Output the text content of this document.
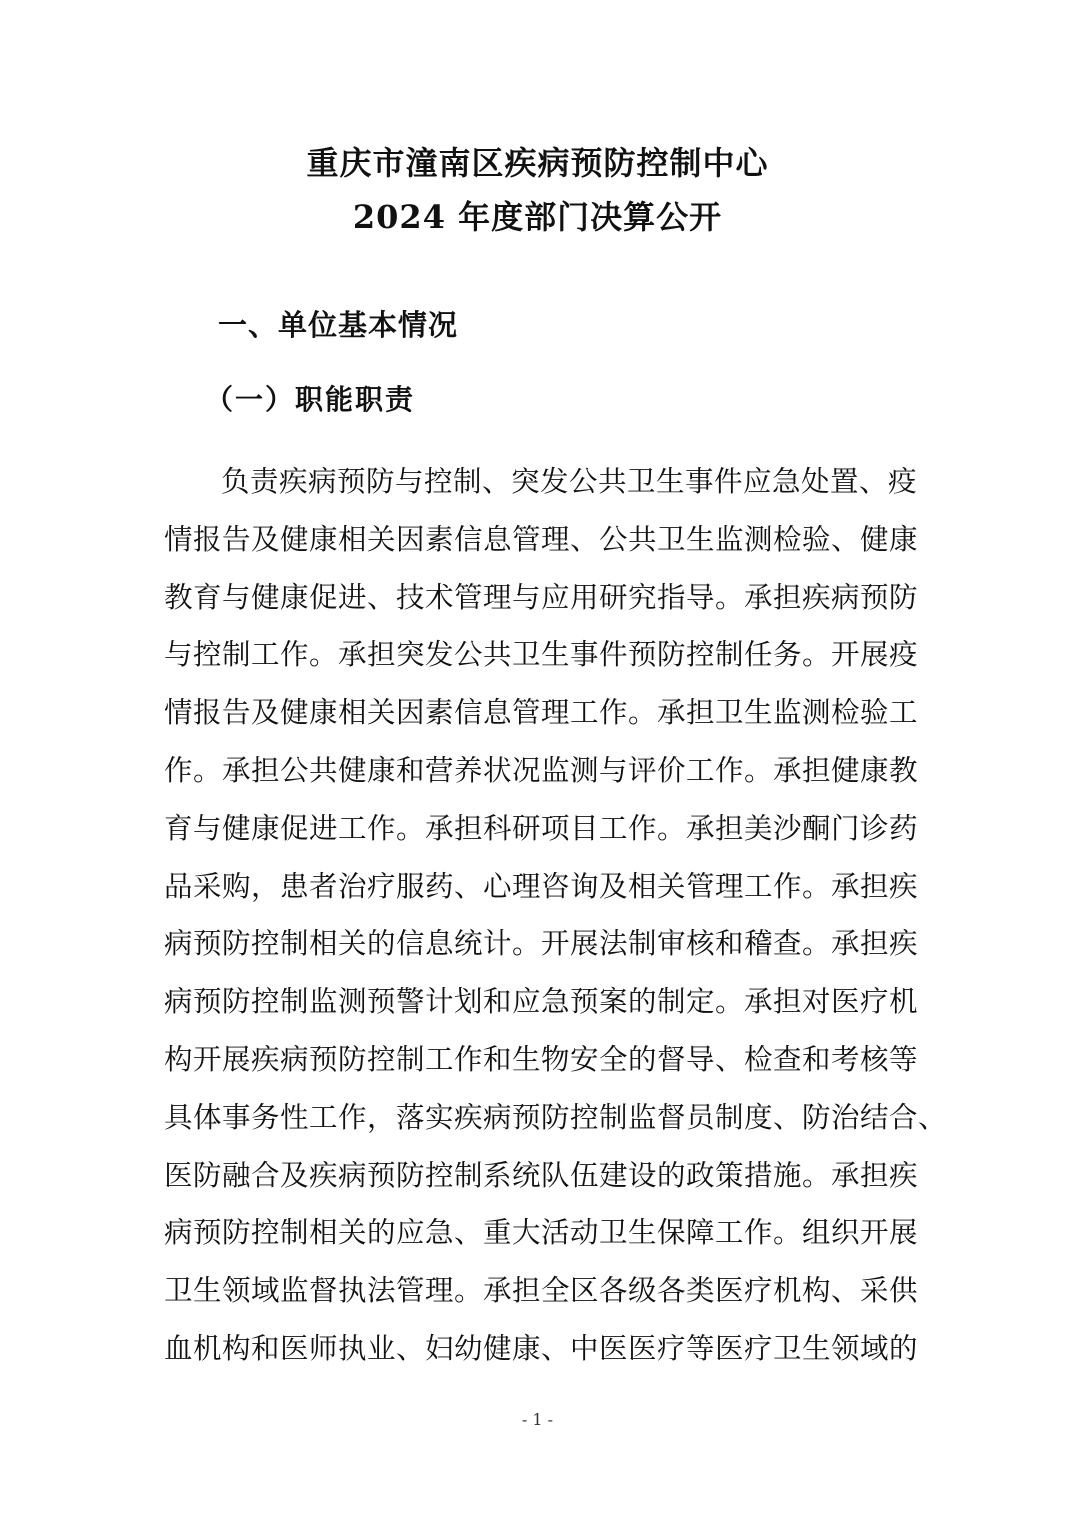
重庆市潼南区疾病预防控制中心
2024 年度部门决算公开
一、单位基本情况
（一）职能职责
负责疾病预防与控制、突发公共卫生事件应急处置、疫
情报告及健康相关因素信息管理、公共卫生监测检验、健康
教育与健康促进、技术管理与应用研究指导。承担疾病预防
与控制工作。承担突发公共卫生事件预防控制任务。开展疫
情报告及健康相关因素信息管理工作。承担卫生监测检验工
作。承担公共健康和营养状况监测与评价工作。承担健康教
育与健康促进工作。承担科研项目工作。承担美沙酮门诊药
品采购，患者治疗服药、心理咨询及相关管理工作。承担疾
病预防控制相关的信息统计。开展法制审核和稽查。承担疾
病预防控制监测预警计划和应急预案的制定。承担对医疗机
构开展疾病预防控制工作和生物安全的督导、检查和考核等
具体事务性工作，落实疾病预防控制监督员制度、防治结合、
医防融合及疾病预防控制系统队伍建设的政策措施。承担疾
病预防控制相关的应急、重大活动卫生保障工作。组织开展
卫生领域监督执法管理。承担全区各级各类医疗机构、采供
血机构和医师执业、妇幼健康、中医医疗等医疗卫生领域的
- 1 -
